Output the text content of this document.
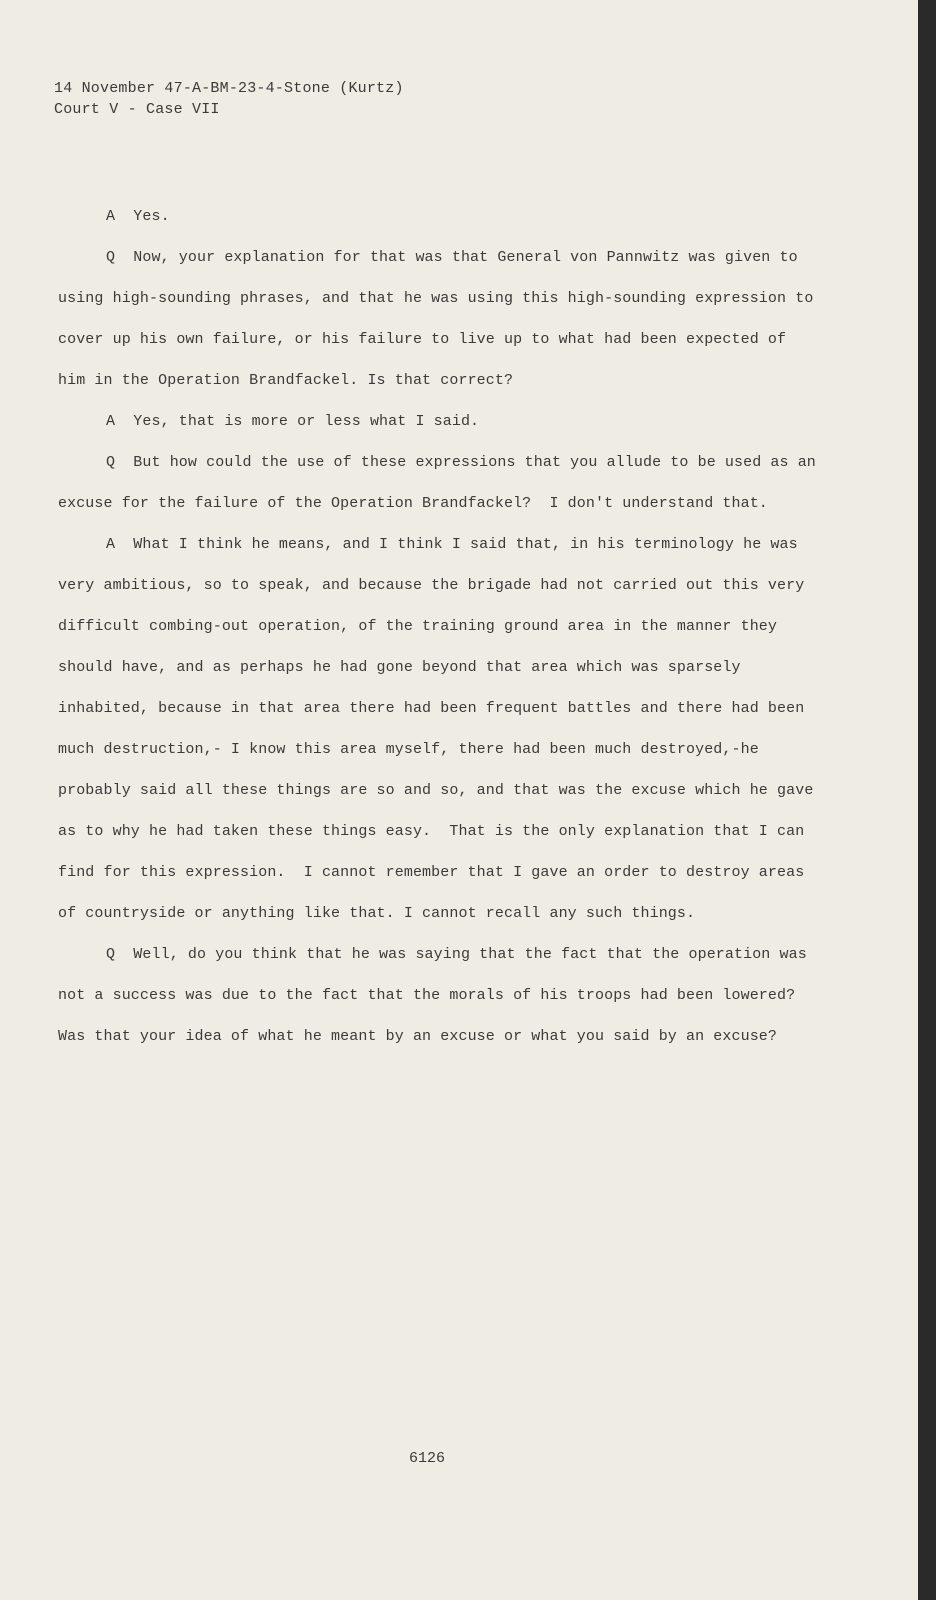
14 November 47-A-BM-23-4-Stone (Kurtz)
Court V - Case VII

A  Yes.

Q  Now, your explanation for that was that General von Pannwitz was given to using high-sounding phrases, and that he was using this high-sounding expression to cover up his own failure, or his failure to live up to what had been expected of him in the Operation Brandfackel. Is that correct?

A  Yes, that is more or less what I said.

Q  But how could the use of these expressions that you allude to be used as an excuse for the failure of the Operation Brandfackel?  I don't understand that.

A  What I think he means, and I think I said that, in his terminology he was very ambitious, so to speak, and because the brigade had not carried out this very difficult combing-out operation, of the training ground area in the manner they should have, and as perhaps he had gone beyond that area which was sparsely inhabited, because in that area there had been frequent battles and there had been much destruction,- I know this area myself, there had been much destroyed,-he probably said all these things are so and so, and that was the excuse which he gave as to why he had taken these things easy.  That is the only explanation that I can find for this expression.  I cannot remember that I gave an order to destroy areas of countryside or anything like that. I cannot recall any such things.

Q  Well, do you think that he was saying that the fact that the operation was not a success was due to the fact that the morals of his troops had been lowered?  Was that your idea of what he meant by an excuse or what you said by an excuse?

6126
